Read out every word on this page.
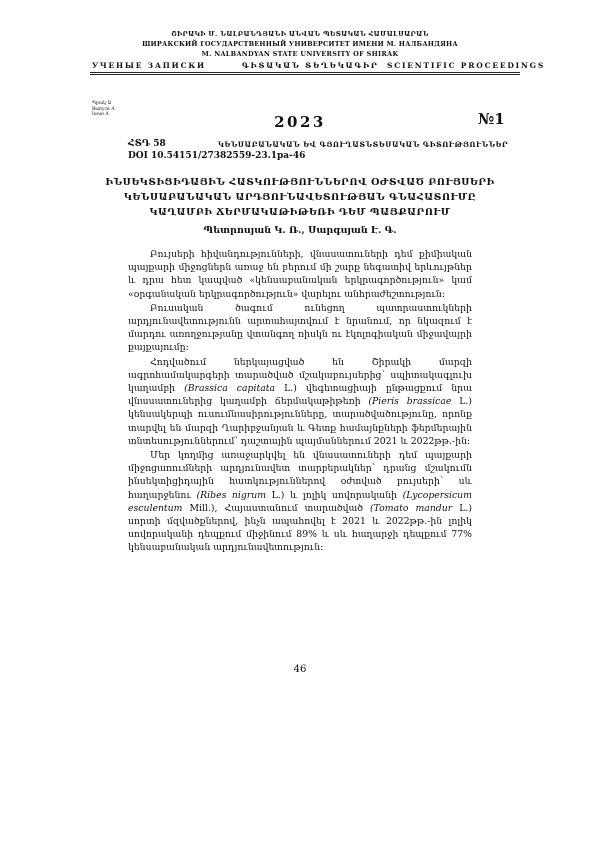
ՇԻՐԱԿԻ Մ. ՆԱԼԲԱՆԴՅԱՆԻ ԱՆՎԱՆ ՊԵՏԱԿԱՆ ՀԱՄԱԼՍԱՐԱՆ
ШИРАКСКИЙ ГОСУДАРСТВЕННЫЙ УНИВЕРСИТЕТ ИМЕНИ М. НАЛБАНДЯНА
M. NALBANDYAN STATE UNIVERSITY OF SHIRAK
УЧЕНЫЕ ЗАПИСКИ	ԳԻՏԱԿԱՆ ՏԵՂԵԿԱԳԻՐ SCIENTIFIC PROCEEDINGS
Պրակ Ա
Выпуск А
Issue A	2023	№1
ՀՏԴ 58	ԿԵՆՍԱԲԱՆԱԿԱՆ ԵՎ ԳՅՈՒՂԱՏՆՏԵՍԱԿԱՆ ԳԻՏՈՒԹՅՈՒՆՆԵՐ
DOI 10.54151/27382559-23.1pa-46
ԻՆՍԵԿՏԻՑԻԴԱՅԻՆ ՀԱՏԿՈՒԹՅՈՒՆՆԵՐՈՎ ՕԺՏՎԱԾ ԲՈՒՅՍԵՐԻ ԿԵՆՍԱԲԱՆԱԿԱՆ ԱՐԴՅՈՒՆԱՎԵՏՈՒԹՅԱՆ ԳՆԱՀԱՏՈՒՄԸ ԿԱՂԱՄԲԻ ՃԵՐՄԱԿԱԹԻԹԵՌԻ ԴԵՄ ՊԱՅՔԱՐՈՒՄ
Պետրոսյան Կ. Ռ., Սարգսյան Է. Գ.

Բույսերի հիվանդությունների, վնասատուների դեմ քիմիական պայքարի միջոցներն առաջ են բերում մի շարք նեգատիվ երևույթներ և դրա հետ կապված «կենսաբանական երկրագործություն» կամ «օրգանական երկրագործություն» վարելու անհրաժեշտություն:

Բուսական ծագում ունեցող պատրաստուկների արդյունավետությունն արտահայտվում է նրանում, որ նկազում է մարդու առողջությանը վտանգող ռիսկն ու էկոլոգիական միջավայրի քայքայումը:

Հոդվածում ներկայացված են Շիրակի մարզի ագրոհամակարգերի տարածված մշակաբույսերից՝ սպիտակագլուխ կաղամբի (Brassica capitata L.) վեգետացիայի ընթացքում նրա վնասատուներից կաղամբի ճերմակաթիթեռի (Pieris brassicae L.) կենսակերպի ուսումնասիրությունները, տարածվածությունը, որոնք տարվել են մարզի Ղարիբջանյան և Գետք համայնքների ֆերմերային տնտեսություններում՝ դաշտային պայմաններում 2021 և 2022թթ.-ին:

Մեր կողմից առաջարկվել են վնասատուների դեմ պայքարի միջոցառումների արդյունավետ տարբերակներ՝ դրանց մշակումն ինսեկտիցիդային հատկություններով օժտված բույսերի՝ սև հաղարջենու (Ribes nigrum L.) և լոլիկ սովորականի (Lycopersicum esculentum Mill.), Հայաստանում տարածված (Tomato mandur L.) սորտի մզվածքներով, ինչն ապահովել է 2021 և 2022թթ.-ին լոլիկ սովորականի դեպքում միջինում 89% և սև հաղարջի դեպքում 77% կենսաբանական արդյունավետություն:

46
